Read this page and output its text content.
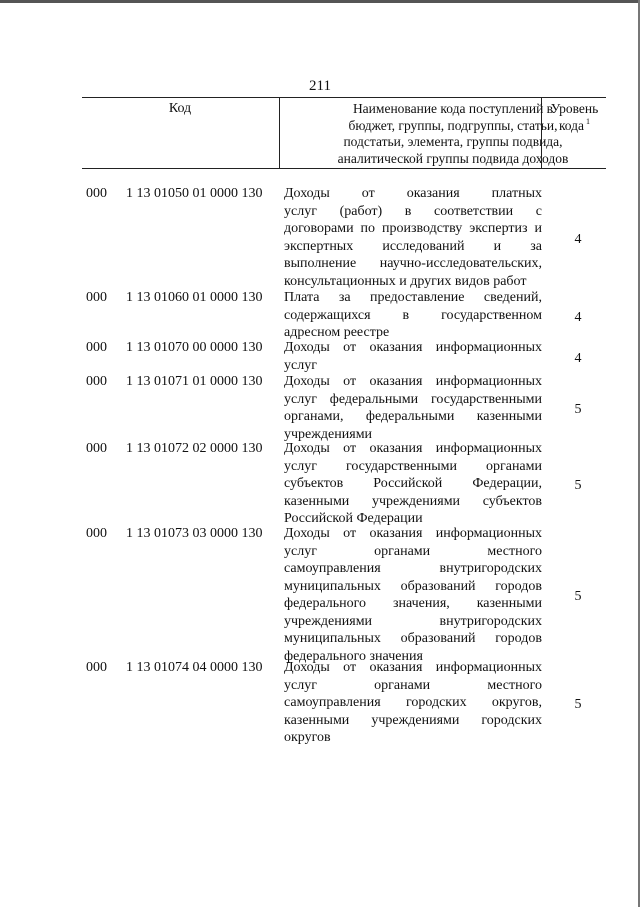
211
Код	Наименование кода поступлений в
бюджет, группы, подгруппы, статьи,
подстатьи, элемента, группы подвида,
аналитической группы подвида доходов
Уровень
кода $^1$
000 1 13 01050 01 0000 130 Доходы от оказания платных
услуг (работ) в соответствии с
договорами по производству экспертиз и
экспертных исследований и за
выполнение научно-исследовательских,
консультационных и других видов работ
4
000 1 13 01060 01 0000 130 Плата за предоставление сведений,
содержащихся в государственном
адресном реестре
4
000 1 13 01070 00 0000 130 Доходы от оказания информационных
услуг	4
000 1 13 01071 01 0000 130 Доходы от оказания информационных
услуг федеральными государственными
органами, федеральными казенными
учреждениями
5
000 1 13 01072 02 0000 130 Доходы от оказания информационных
услуг государственными органами
субъектов Российской Федерации,
казенными учреждениями субъектов
Российской Федерации
5
000 1 13 01073 03 0000 130 Доходы от оказания информационных
услуг органами местного
самоуправления внутригородских
муниципальных образований городов
федерального значения, казенными
учреждениями внутригородских
муниципальных образований городов
федерального значения
5
000 1 13 01074 04 0000 130 Доходы от оказания информационных
услуг органами местного
самоуправления городских округов,
казенными учреждениями городских
округов
5
